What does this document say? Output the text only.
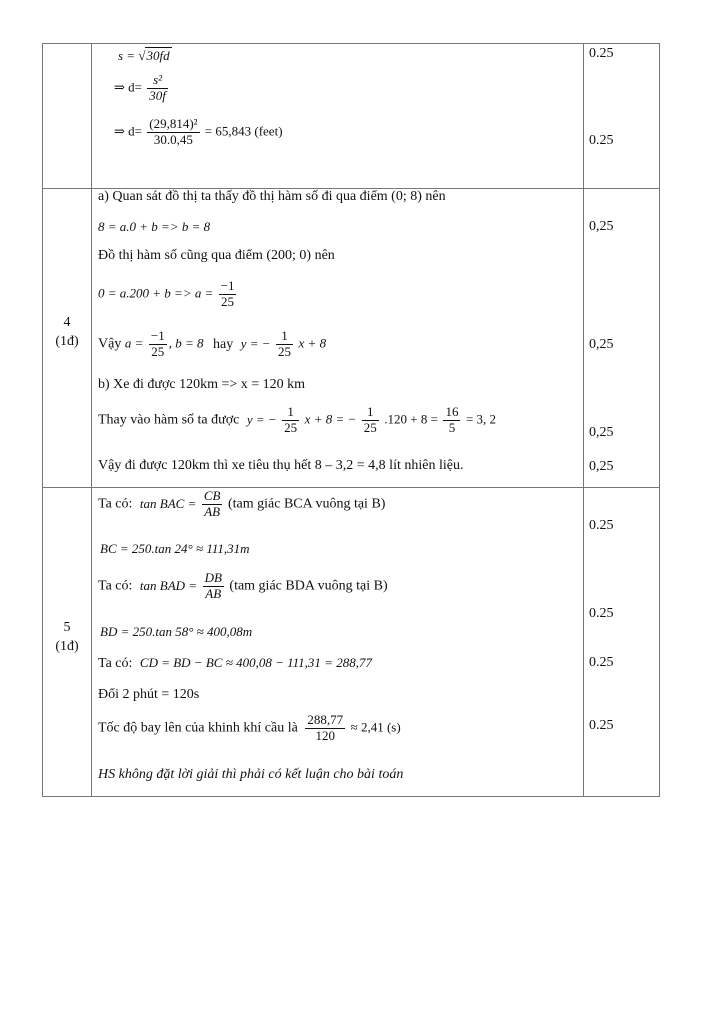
s = √30fd
⇒ $d= \frac{\text{s²}}{30f}$
⇒ $d= \frac{\text{(29,814)²}}{30.0,45} = 65,843$ (feet)
0.25
0.25
4
(1đ)
a) Quan sát đồ thị ta thấy đồ thị hàm số đi qua điểm (0; 8) nên
8 = a.0 + b => b = 8
Đồ thị hàm số cũng qua điểm (200; 0) nên
$0 = a.200 + b => a = \frac{-1}{25}$
Vậy $a = \frac{-1}{25}$ , b = 8 hay y = − $\frac{1}{25}$ x + 8
b) Xe đi được 120km => x = 120 km
Thay vào hàm số ta được y = − $\frac{1}{25}$ x + 8 = − $\frac{1}{25} .120 + 8 = \frac{16}{5} = 3$, 2
Vậy đi được 120km thì xe tiêu thụ hết 8 – 3,2 = 4,8 lít nhiên liệu.
0,25
0,25
0,25
0,25
5
(1đ)
Ta có: tan BAC = $\frac{CB}{AB} (tam$ giác BCA vuông tại B)
BC = 250.tan 24° ≈ 111,31m
Ta có: tan BAD = $\frac{DB}{AB} (tam$ giác BDA vuông tại B)
BD = 250.tan 58° ≈ 400,08m
Ta có: CD = BD − BC ≈ 400,08 − 111,31 = 288,77
Đổi 2 phút = 120s
Tốc độ bay lên của khinh khí cầu là $\frac{288,77}{120} \approx 2,41$ (s)
HS không đặt lời giải thì phải có kết luận cho bài toán
0.25
0.25
0.25
0.25
